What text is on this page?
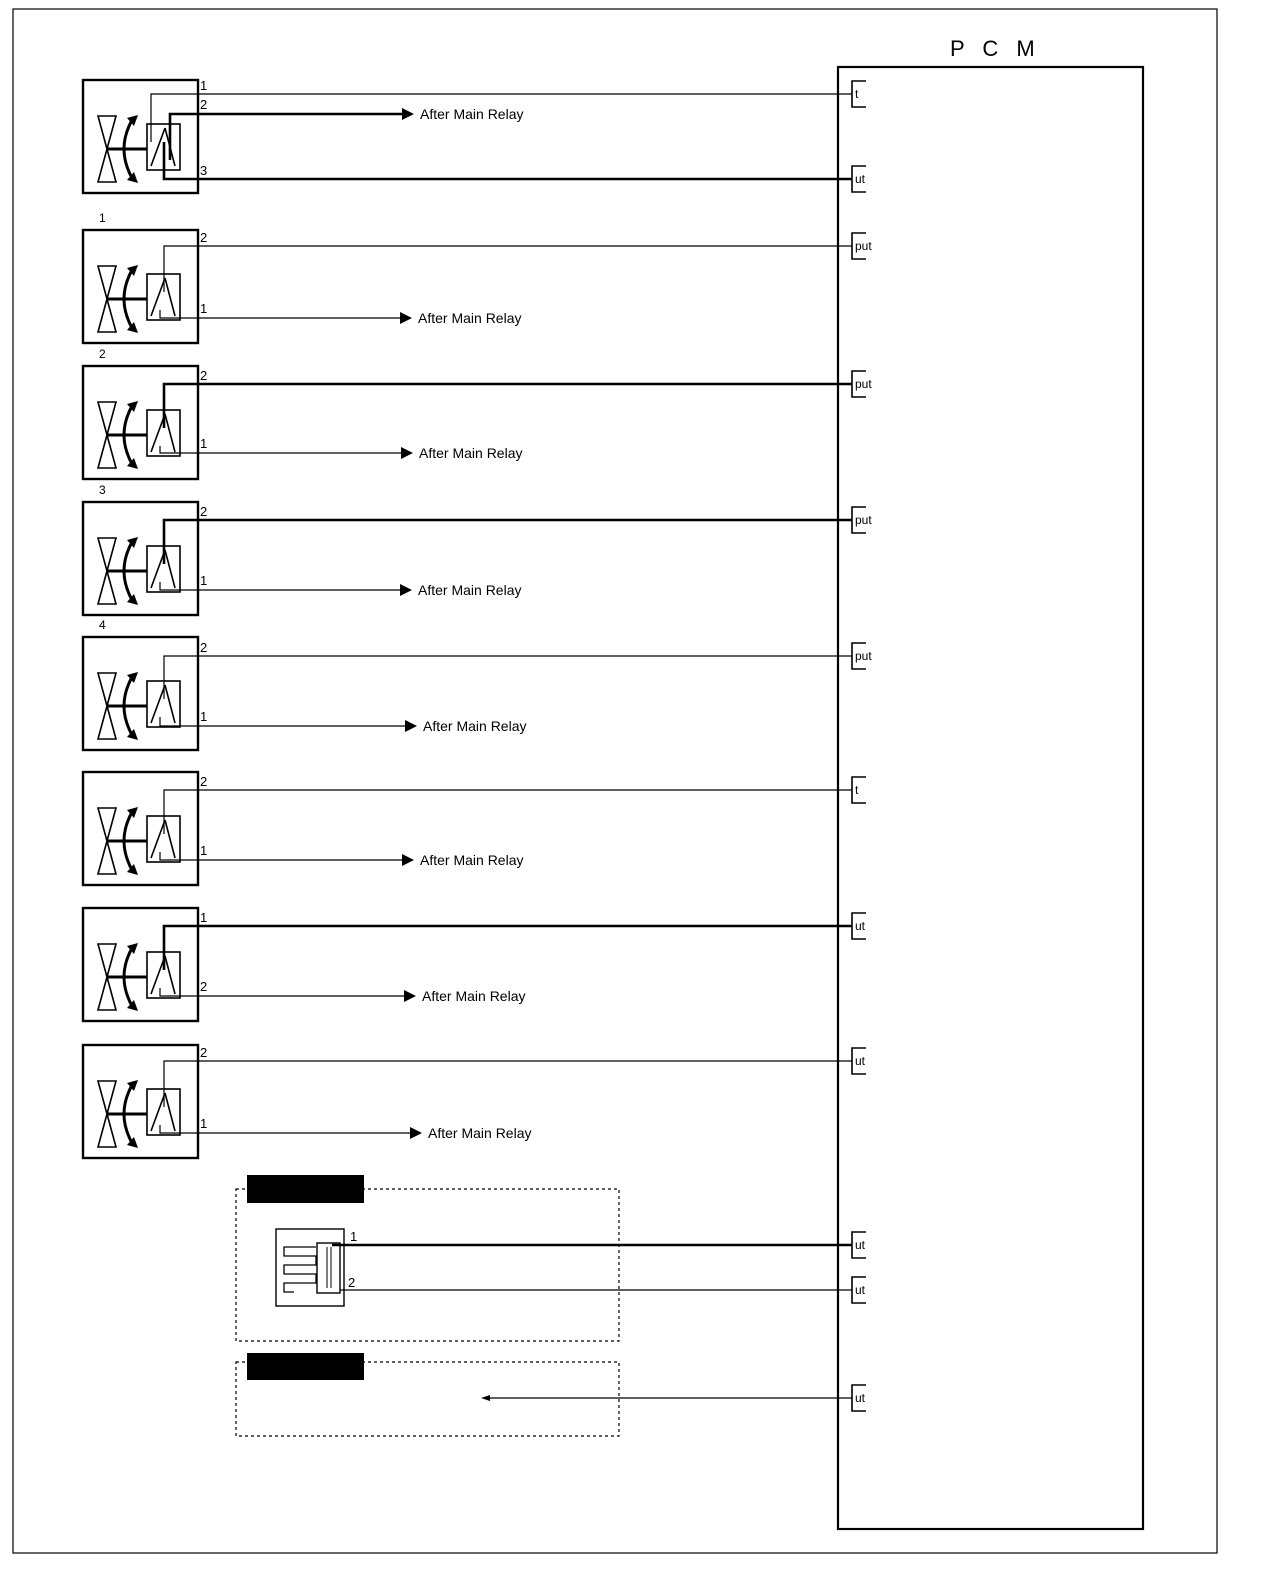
P C M
1
3
2
After Main Relay
1
2
1
After Main Relay
2
2
1
After Main Relay
3
2
1
After Main Relay
4
2
1
After Main Relay
2
1
After Main Relay
1
2
After Main Relay
2
1
After Main Relay
1
2
t
ut
put
put
put
put
t
ut
ut
ut
ut
ut
